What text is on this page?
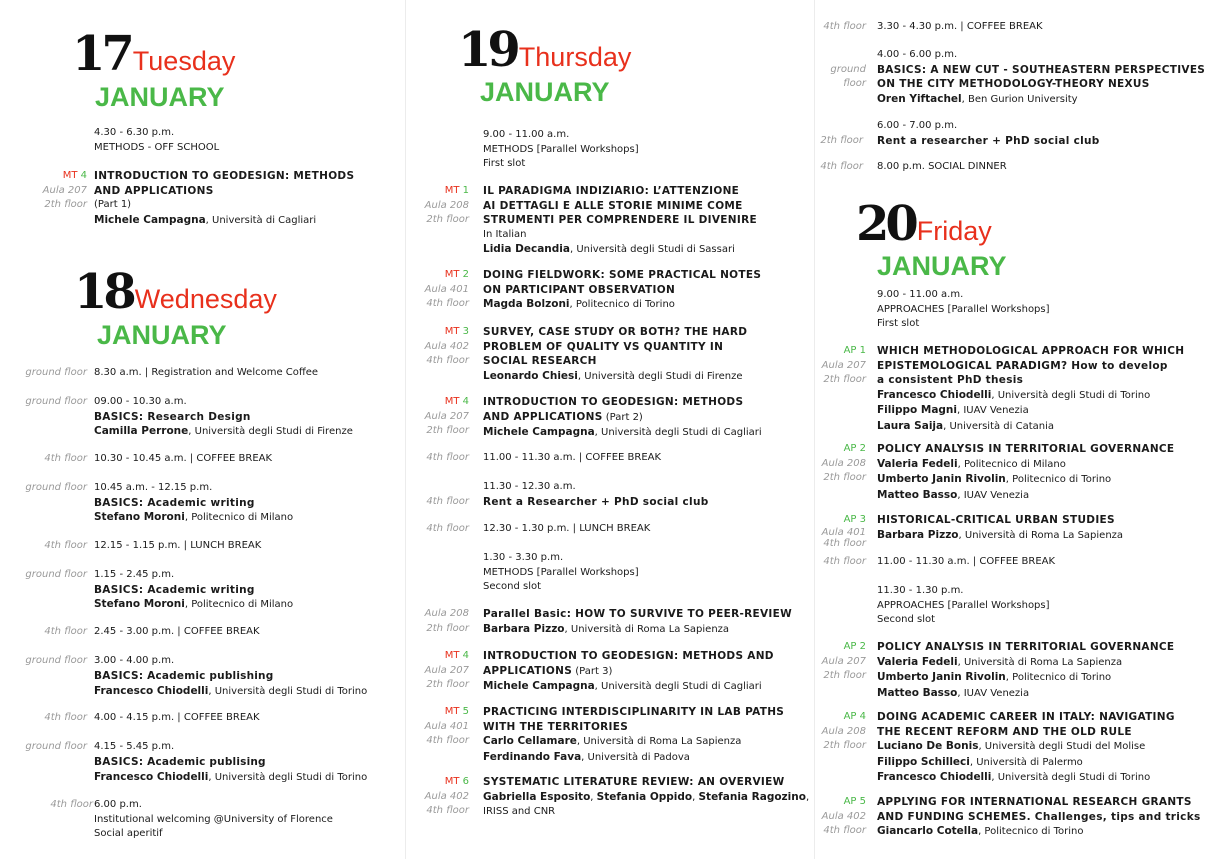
17Tuesday
JANUARY
4.30 - 6.30 p.m.
METHODS - OFF SCHOOL
MT 4
Aula 207
2th floor
INTRODUCTION TO GEODESIGN: METHODS
AND APPLICATIONS
(Part 1)
Michele Campagna, Università di Cagliari
18Wednesday
JANUARY
ground floor 8.30 a.m. | Registration and Welcome Coffee
ground floor 09.00 - 10.30 a.m.
BASICS: Research Design
Camilla Perrone, Università degli Studi di Firenze
4th floor 10.30 - 10.45 a.m. | COFFEE BREAK
ground floor 10.45 a.m. - 12.15 p.m.
BASICS: Academic writing
Stefano Moroni, Politecnico di Milano
4th floor 12.15 - 1.15 p.m. | LUNCH BREAK
ground floor 1.15 - 2.45 p.m.
BASICS: Academic writing
Stefano Moroni, Politecnico di Milano
4th floor 2.45 - 3.00 p.m. | COFFEE BREAK
ground floor 3.00 - 4.00 p.m.
BASICS: Academic publishing
Francesco Chiodelli, Università degli Studi di Torino
4th floor 4.00 - 4.15 p.m. | COFFEE BREAK
ground floor 4.15 - 5.45 p.m.
BASICS: Academic publising
Francesco Chiodelli, Università degli Studi di Torino
4th floor 6.00 p.m.
Institutional welcoming @University of Florence
Social aperitif
19Thursday
JANUARY
9.00 - 11.00 a.m.
METHODS [Parallel Workshops]
First slot
MT 1
Aula 208
2th floor
IL PARADIGMA INDIZIARIO: L’ATTENZIONE
AI DETTAGLI E ALLE STORIE MINIME COME
STRUMENTI PER COMPRENDERE IL DIVENIRE
In Italian
Lidia Decandia, Università degli Studi di Sassari
MT 2
Aula 401
4th floor
DOING FIELDWORK: SOME PRACTICAL NOTES
ON PARTICIPANT OBSERVATION
Magda Bolzoni, Politecnico di Torino
MT 3
Aula 402
4th floor
SURVEY, CASE STUDY OR BOTH? THE HARD
PROBLEM OF QUALITY VS QUANTITY IN
SOCIAL RESEARCH
Leonardo Chiesi, Università degli Studi di Firenze
MT 4
Aula 207
2th floor
INTRODUCTION TO GEODESIGN: METHODS
AND APPLICATIONS (Part 2)
Michele Campagna, Università degli Studi di Cagliari
4th floor 11.00 - 11.30 a.m. | COFFEE BREAK
4th floor
11.30 - 12.30 a.m.
Rent a Researcher + PhD social club
4th floor 12.30 - 1.30 p.m. | LUNCH BREAK
1.30 - 3.30 p.m.
METHODS [Parallel Workshops]
Second slot
Aula 208
2th floor
Parallel Basic: HOW TO SURVIVE TO PEER-REVIEW
Barbara Pizzo, Università di Roma La Sapienza
MT 4
Aula 207
2th floor
INTRODUCTION TO GEODESIGN: METHODS AND
APPLICATIONS (Part 3)
Michele Campagna, Università degli Studi di Cagliari
MT 5
Aula 401
4th floor
PRACTICING INTERDISCIPLINARITY IN LAB PATHS
WITH THE TERRITORIES
Carlo Cellamare, Università di Roma La Sapienza
Ferdinando Fava, Università di Padova
MT 6
Aula 402
4th floor
SYSTEMATIC LITERATURE REVIEW: AN OVERVIEW
Gabriella Esposito, Stefania Oppido, Stefania Ragozino,
IRISS and CNR
4th floor 3.30 - 4.30 p.m. | COFFEE BREAK
ground
floor
4.00 - 6.00 p.m.
BASICS: A NEW CUT - SOUTHEASTERN PERSPECTIVES
ON THE CITY METHODOLOGY-THEORY NEXUS
Oren Yiftachel, Ben Gurion University
2th floor
6.00 - 7.00 p.m.
Rent a researcher + PhD social club
4th floor 8.00 p.m. SOCIAL DINNER
20Friday
JANUARY
9.00 - 11.00 a.m.
APPROACHES [Parallel Workshops]
First slot
AP 1
Aula 207
2th floor
WHICH METHODOLOGICAL APPROACH FOR WHICH
EPISTEMOLOGICAL PARADIGM? How to develop
a consistent PhD thesis
Francesco Chiodelli, Università degli Studi di Torino
Filippo Magni, IUAV Venezia
Laura Saija, Università di Catania
AP 2
Aula 208
2th floor
POLICY ANALYSIS IN TERRITORIAL GOVERNANCE
Valeria Fedeli, Politecnico di Milano
Umberto Janin Rivolin, Politecnico di Torino
Matteo Basso, IUAV Venezia
AP 3
Aula 401
4th floor
HISTORICAL-CRITICAL URBAN STUDIES
Barbara Pizzo, Università di Roma La Sapienza
4th floor 11.00 - 11.30 a.m. | COFFEE BREAK
11.30 - 1.30 p.m.
APPROACHES [Parallel Workshops]
Second slot
AP 2
Aula 207
2th floor
POLICY ANALYSIS IN TERRITORIAL GOVERNANCE
Valeria Fedeli, Università di Roma La Sapienza
Umberto Janin Rivolin, Politecnico di Torino
Matteo Basso, IUAV Venezia
AP 4
Aula 208
2th floor
DOING ACADEMIC CAREER IN ITALY: NAVIGATING
THE RECENT REFORM AND THE OLD RULE
Luciano De Bonis, Università degli Studi del Molise
Filippo Schilleci, Università di Palermo
Francesco Chiodelli, Università degli Studi di Torino
AP 5
Aula 402
4th floor
APPLYING FOR INTERNATIONAL RESEARCH GRANTS
AND FUNDING SCHEMES. Challenges, tips and tricks
Giancarlo Cotella, Politecnico di Torino
